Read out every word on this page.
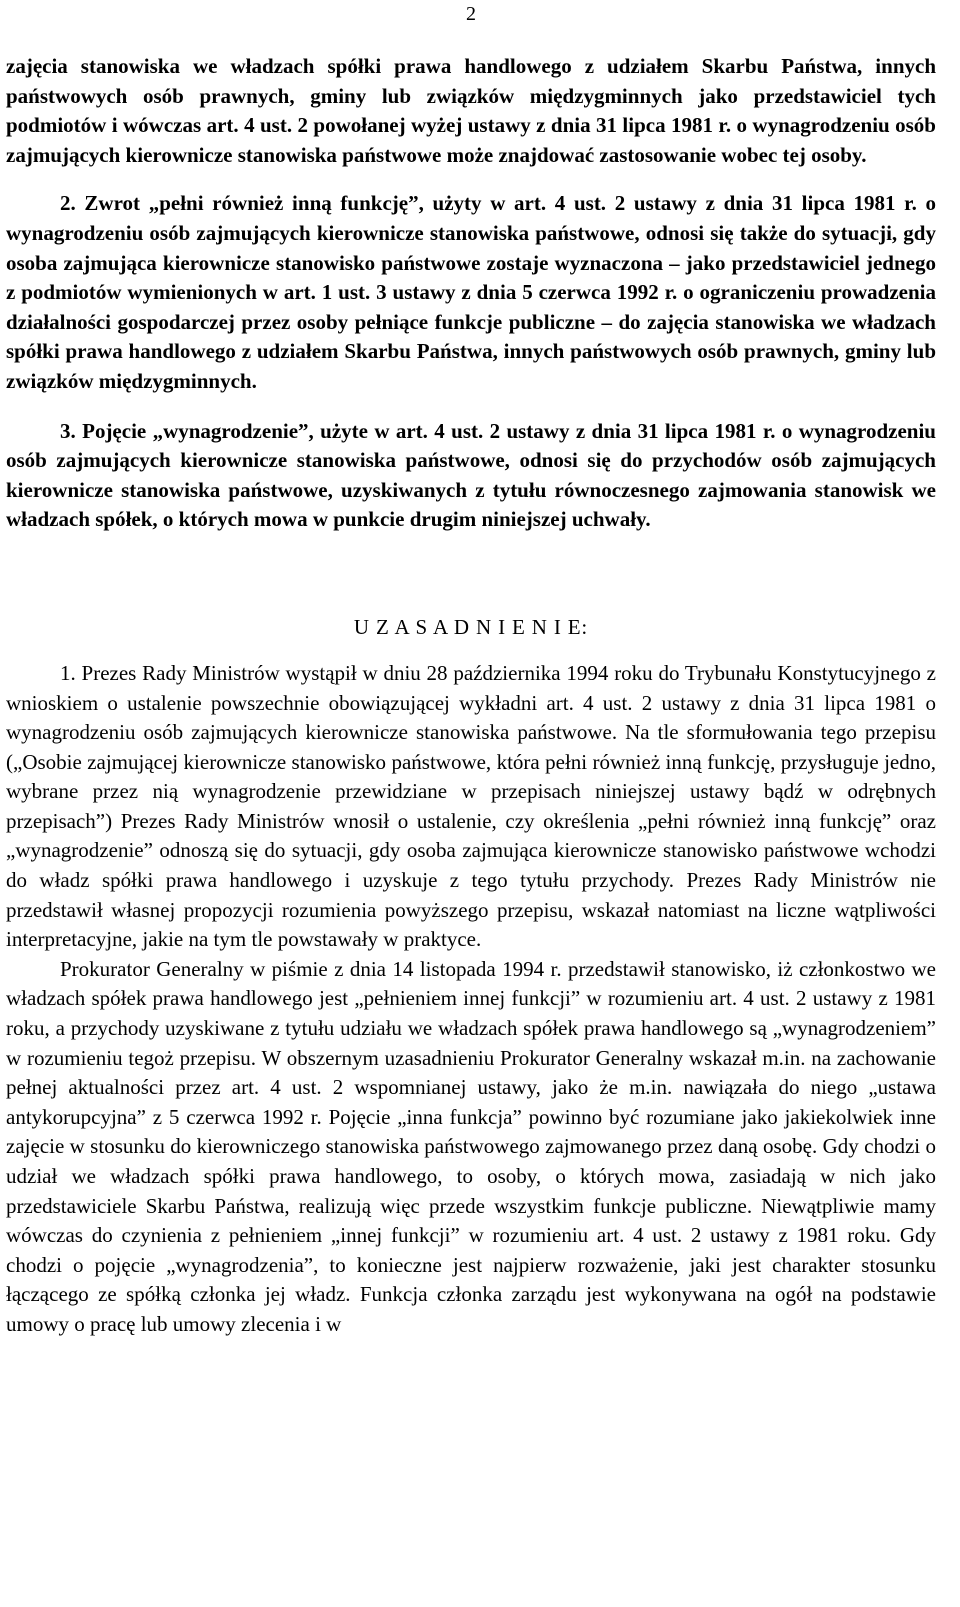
2

zajęcia stanowiska we władzach spółki prawa handlowego z udziałem Skarbu Państwa, innych państwowych osób prawnych, gminy lub związków międzygminnych jako przedstawiciel tych podmiotów i wówczas art. 4 ust. 2 powołanej wyżej ustawy z dnia 31 lipca 1981 r. o wynagrodzeniu osób zajmujących kierownicze stanowiska państwowe może znajdować zastosowanie wobec tej osoby.

2. Zwrot „pełni również inną funkcję”, użyty w art. 4 ust. 2 ustawy z dnia 31 lipca 1981 r. o wynagrodzeniu osób zajmujących kierownicze stanowiska państwowe, odnosi się także do sytuacji, gdy osoba zajmująca kierownicze stanowisko państwowe zostaje wyznaczona – jako przedstawiciel jednego z podmiotów wymienionych w art. 1 ust. 3 ustawy z dnia 5 czerwca 1992 r. o ograniczeniu prowadzenia działalności gospodarczej przez osoby pełniące funkcje publiczne – do zajęcia stanowiska we władzach spółki prawa handlowego z udziałem Skarbu Państwa, innych państwowych osób prawnych, gminy lub związków międzygminnych.

3. Pojęcie „wynagrodzenie”, użyte w art. 4 ust. 2 ustawy z dnia 31 lipca 1981 r. o wynagrodzeniu osób zajmujących kierownicze stanowiska państwowe, odnosi się do przychodów osób zajmujących kierownicze stanowiska państwowe, uzyskiwanych z tytułu równoczesnego zajmowania stanowisk we władzach spółek, o których mowa w punkcie drugim niniejszej uchwały.

U Z A S A D N I E N I E:

1. Prezes Rady Ministrów wystąpił w dniu 28 października 1994 roku do Trybunału Konstytucyjnego z wnioskiem o ustalenie powszechnie obowiązującej wykładni art. 4 ust. 2 ustawy z dnia 31 lipca 1981 o wynagrodzeniu osób zajmujących kierownicze stanowiska państwowe. Na tle sformułowania tego przepisu („Osobie zajmującej kierownicze stanowisko państwowe, która pełni również inną funkcję, przysługuje jedno, wybrane przez nią wynagrodzenie przewidziane w przepisach niniejszej ustawy bądź w odrębnych przepisach”) Prezes Rady Ministrów wnosił o ustalenie, czy określenia „pełni również inną funkcję” oraz „wynagrodzenie” odnoszą się do sytuacji, gdy osoba zajmująca kierownicze stanowisko państwowe wchodzi do władz spółki prawa handlowego i uzyskuje z tego tytułu przychody. Prezes Rady Ministrów nie przedstawił własnej propozycji rozumienia powyższego przepisu, wskazał natomiast na liczne wątpliwości interpretacyjne, jakie na tym tle powstawały w praktyce.

Prokurator Generalny w piśmie z dnia 14 listopada 1994 r. przedstawił stanowisko, iż członkostwo we władzach spółek prawa handlowego jest „pełnieniem innej funkcji” w rozumieniu art. 4 ust. 2 ustawy z 1981 roku, a przychody uzyskiwane z tytułu udziału we władzach spółek prawa handlowego są „wynagrodzeniem” w rozumieniu tegoż przepisu. W obszernym uzasadnieniu Prokurator Generalny wskazał m.in. na zachowanie pełnej aktualności przez art. 4 ust. 2 wspomnianej ustawy, jako że m.in. nawiązała do niego „ustawa antykorupcyjna” z 5 czerwca 1992 r. Pojęcie „inna funkcja” powinno być rozumiane jako jakiekolwiek inne zajęcie w stosunku do kierowniczego stanowiska państwowego zajmowanego przez daną osobę. Gdy chodzi o udział we władzach spółki prawa handlowego, to osoby, o których mowa, zasiadają w nich jako przedstawiciele Skarbu Państwa, realizują więc przede wszystkim funkcje publiczne. Niewątpliwie mamy wówczas do czynienia z pełnieniem „innej funkcji” w rozumieniu art. 4 ust. 2 ustawy z 1981 roku. Gdy chodzi o pojęcie „wynagrodzenia”, to konieczne jest najpierw rozważenie, jaki jest charakter stosunku łączącego ze spółką członka jej władz. Funkcja członka zarządu jest wykonywana na ogół na podstawie umowy o pracę lub umowy zlecenia i w
